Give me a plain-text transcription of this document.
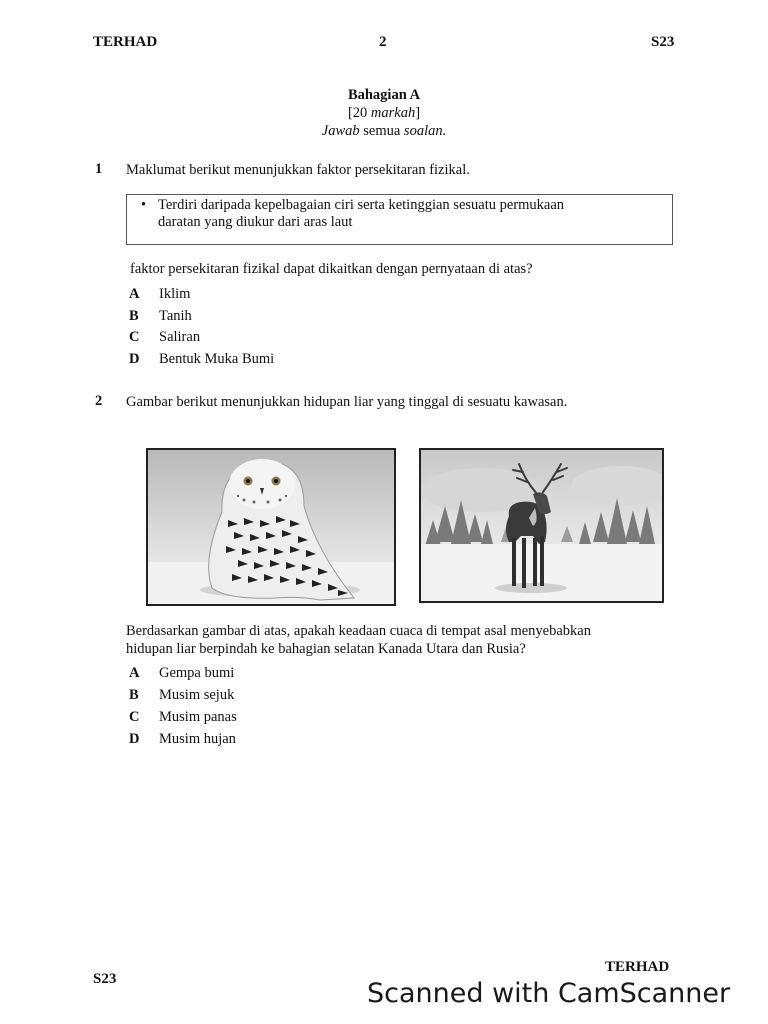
TERHAD	2	S23
Bahagian A
[20 markah]
Jawab semua soalan.
1 Maklumat berikut menunjukkan faktor persekitaran fizikal.
• Terdiri daripada kepelbagaian ciri serta ketinggian sesuatu permukaan
daratan yang diukur dari aras laut
faktor persekitaran fizikal dapat dikaitkan dengan pernyataan di atas?
A Iklim
B Tanih
C Saliran
D Bentuk Muka Bumi
2 Gambar berikut menunjukkan hidupan liar yang tinggal di sesuatu kawasan.
Berdasarkan gambar di atas, apakah keadaan cuaca di tempat asal menyebabkan
hidupan liar berpindah ke bahagian selatan Kanada Utara dan Rusia?
A Gempa bumi
B Musim sejuk
C Musim panas
D Musim hujan
TERHAD
S23	Scanned with CamScanner
